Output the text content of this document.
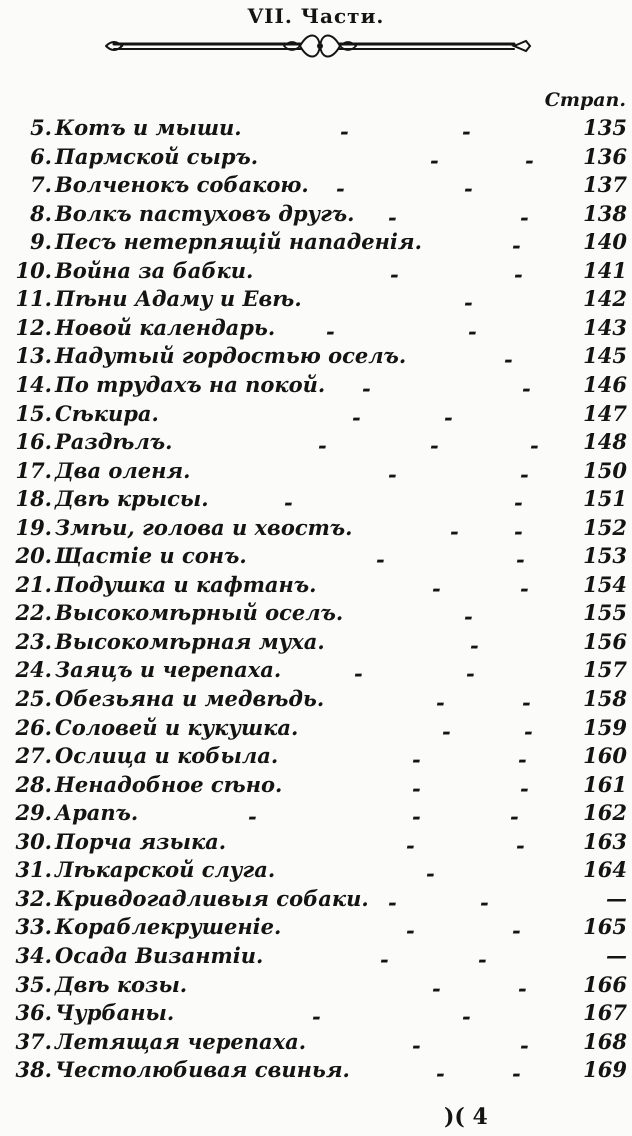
VII. Части.
Страп.
5. Котъ и мыши.	-	-	135
6. Пармской сыръ.	-	- 136
7. Волченокъ собакою. -	-	137
8. Волкъ пастуховъ другъ. -	-	138
9. Песъ нетерпящiй нападенiя.	-	140
10. Война за бабки.	-	-	141
11. Пѣни Адаму и Евѣ.	-	142
12. Новой календарь. -	-	143
13. Надутый гордостью оселъ.	-	145
14. По трудахъ на покой. -	- 146
15. Сѣкира.	-	-	147
16. Раздѣлъ.	-	-	- 148
17. Два оленя.	-	-	150
18. Двѣ крысы.	-	-	151
19. Змѣи, голова и хвостъ.	-	-	152
20. Щастiе и сонъ.	-	-	153
21. Подушка и кафтанъ.	-	-	154
22. Высокомѣрный оселъ.	-	155
23. Высокомѣрная муха.	-	156
24. Заяцъ и черепаха.	-	-	157
25. Обезьяна и медвѣдь.	-	- 158
26. Соловей и кукушка.	-	- 159
27. Ослица и кобыла.	-	-	160
28. Ненадобное сѣно.	-	-	161
29. Арапъ.	-	-	-	162
30. Порча языка.	-	-	163
31. Лѣкарской слуга.	-	164
32. Кривдогадливыя собаки. -	-	—
33. Кораблекрушенiе.	-	-	165
34. Осада Византiи.	-	-	—
35. Двѣ козы.	-	-	166
36. Чурбаны.	-	-	167
37. Летящая черепаха.	-	-	168
38. Честолюбивая свинья.	-	-	169
)( 4
